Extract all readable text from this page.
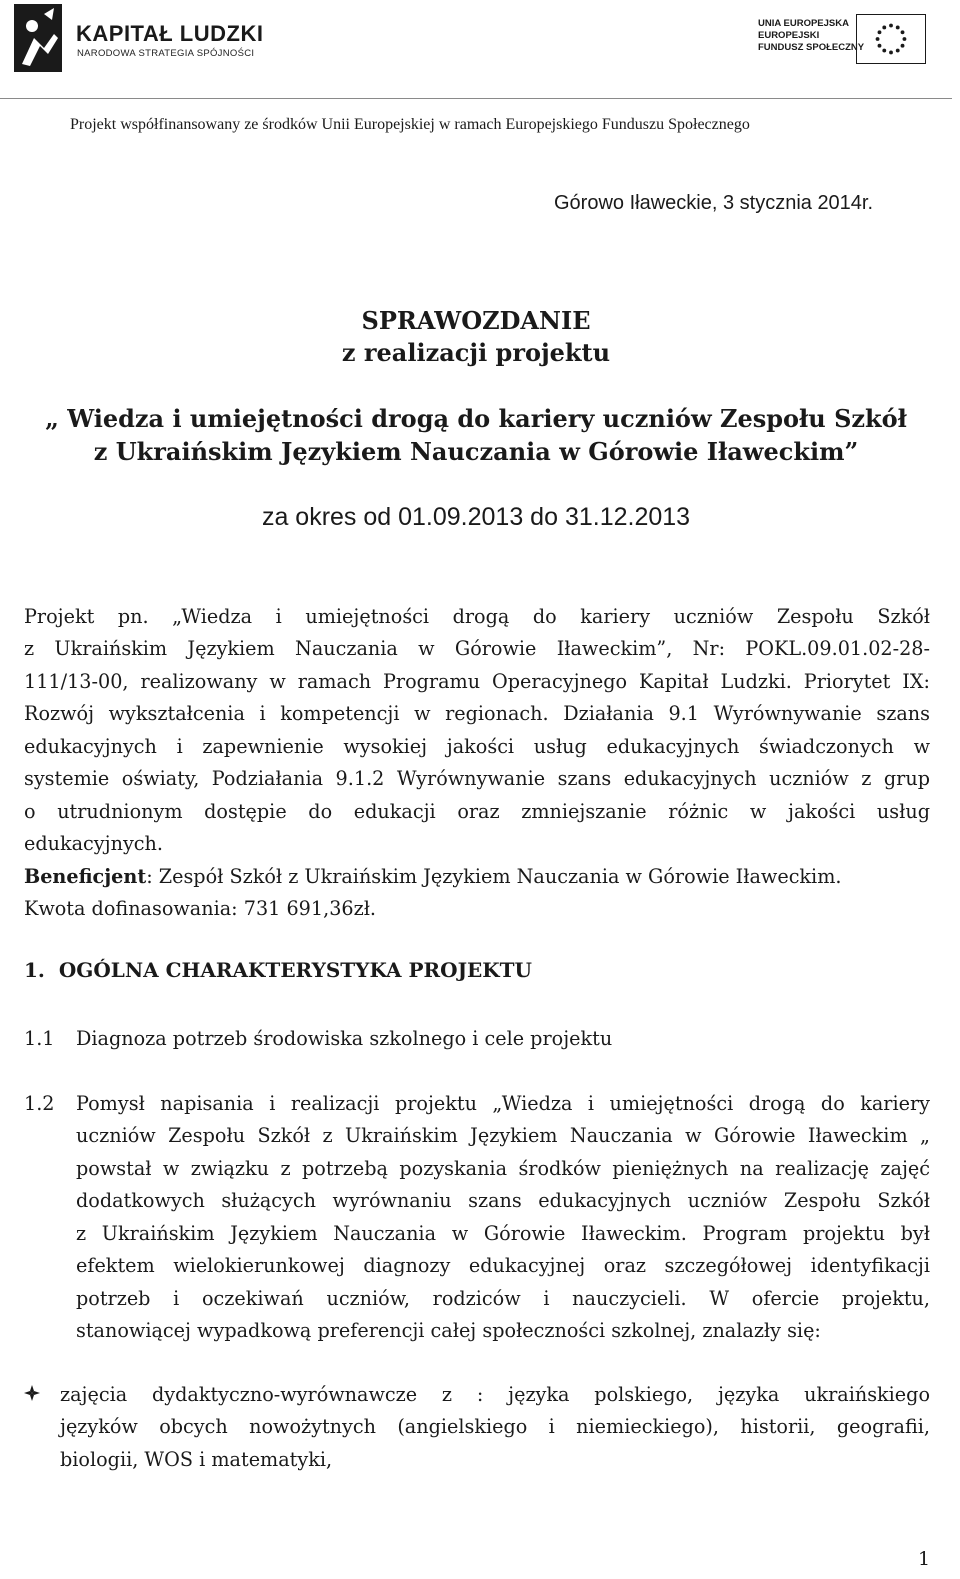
KAPITAŁ LUDZKI
NARODOWA STRATEGIA SPÓJNOŚCI
UNIA EUROPEJSKA
EUROPEJSKI
FUNDUSZ SPOŁECZNY
Projekt współfinansowany ze środków Unii Europejskiej w ramach Europejskiego Funduszu Społecznego
Górowo Iławeckie, 3 stycznia 2014r.
SPRAWOZDANIE
z realizacji projektu
„ Wiedza i umiejętności drogą do kariery uczniów Zespołu Szkół
z Ukraińskim Językiem Nauczania w Górowie Iławeckim”
za okres od 01.09.2013 do 31.12.2013
Projekt pn. „Wiedza i umiejętności drogą do kariery uczniów Zespołu Szkół
z Ukraińskim Językiem Nauczania w Górowie Iławeckim”, Nr: POKL.09.01.02-28-
111/13-00, realizowany w ramach Programu Operacyjnego Kapitał Ludzki. Priorytet IX:
Rozwój wykształcenia i kompetencji w regionach. Działania 9.1 Wyrównywanie szans
edukacyjnych i zapewnienie wysokiej jakości usług edukacyjnych świadczonych w
systemie oświaty, Podziałania 9.1.2 Wyrównywanie szans edukacyjnych uczniów z grup
o utrudnionym dostępie do edukacji oraz zmniejszanie różnic w jakości usług
edukacyjnych.
Beneficjent: Zespół Szkół z Ukraińskim Językiem Nauczania w Górowie Iławeckim.
Kwota dofinasowania: 731 691,36zł.
1. OGÓLNA CHARAKTERYSTYKA PROJEKTU
1.1 Diagnoza potrzeb środowiska szkolnego i cele projektu
1.2 Pomysł napisania i realizacji projektu „Wiedza i umiejętności drogą do kariery
uczniów Zespołu Szkół z Ukraińskim Językiem Nauczania w Górowie Iławeckim „
powstał w związku z potrzebą pozyskania środków pieniężnych na realizację zajęć
dodatkowych służących wyrównaniu szans edukacyjnych uczniów Zespołu Szkół
z Ukraińskim Językiem Nauczania w Górowie Iławeckim. Program projektu był
efektem wielokierunkowej diagnozy edukacyjnej oraz szczegółowej identyfikacji
potrzeb i oczekiwań uczniów, rodziców i nauczycieli. W ofercie projektu,
stanowiącej wypadkową preferencji całej społeczności szkolnej, znalazły się:
zajęcia dydaktyczno-wyrównawcze z : języka polskiego, języka ukraińskiego
języków obcych nowożytnych (angielskiego i niemieckiego), historii, geografii,
biologii, WOS i matematyki,
1
